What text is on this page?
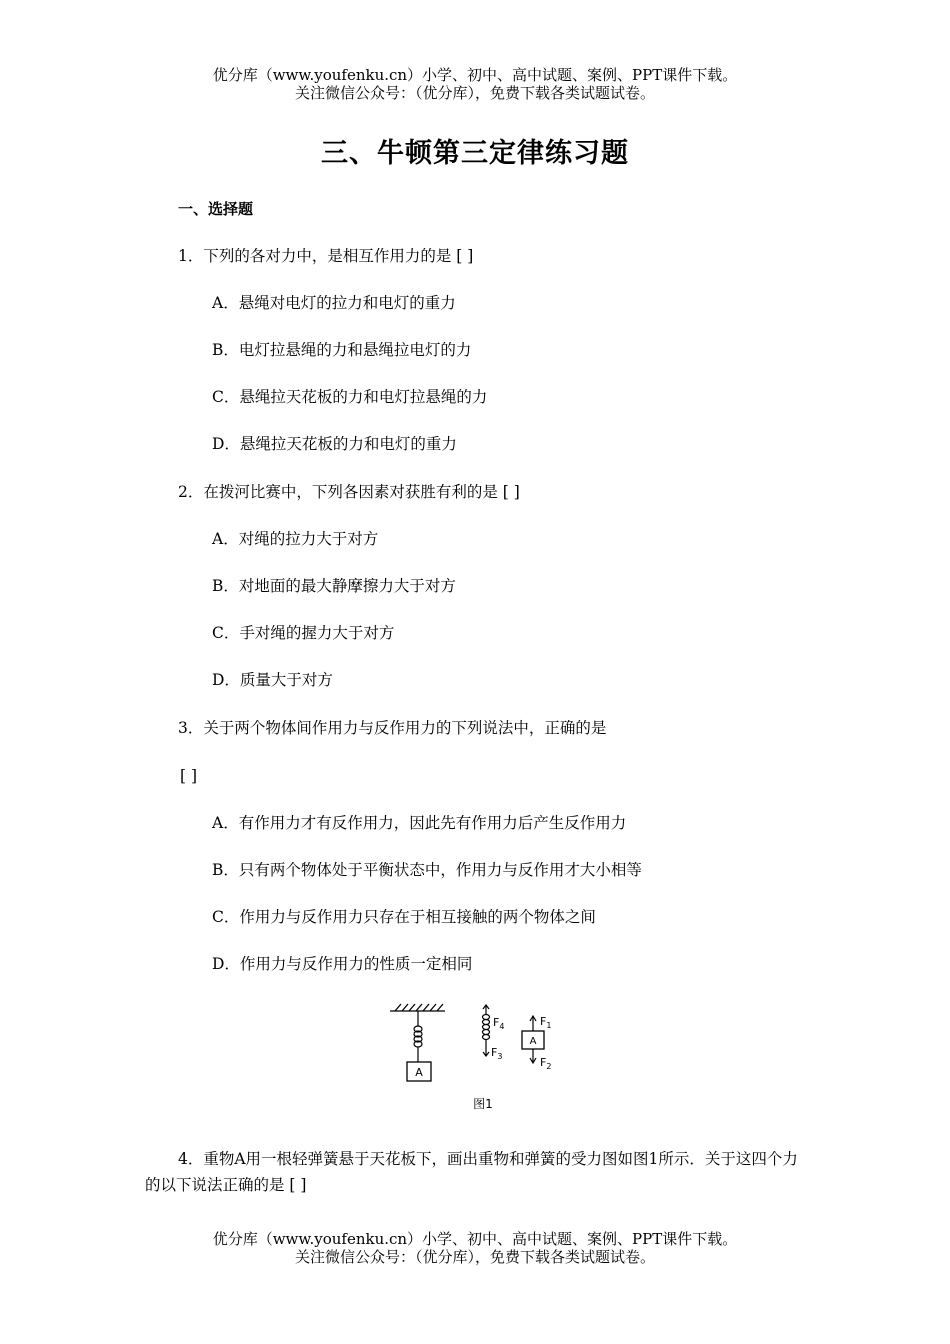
优分库（www.youfenku.cn）小学、初中、高中试题、案例、PPT课件下载。
关注微信公众号：（优分库），免费下载各类试题试卷。
三、牛顿第三定律练习题
一、选择题
1．下列的各对力中，是相互作用力的是 [ ]
A．悬绳对电灯的拉力和电灯的重力
B．电灯拉悬绳的力和悬绳拉电灯的力
C．悬绳拉天花板的力和电灯拉悬绳的力
D．悬绳拉天花板的力和电灯的重力
2．在拨河比赛中，下列各因素对获胜有利的是 [ ]
A．对绳的拉力大于对方
B．对地面的最大静摩擦力大于对方
C．手对绳的握力大于对方
D．质量大于对方
3．关于两个物体间作用力与反作用力的下列说法中，正确的是
[ ]
A．有作用力才有反作用力，因此先有作用力后产生反作用力
B．只有两个物体处于平衡状态中，作用力与反作用才大小相等
C．作用力与反作用力只存在于相互接触的两个物体之间
D．作用力与反作用力的性质一定相同
A
$F_4$
$F_3$
A
$F_1$
$F_2$
图1
4．重物A用一根轻弹簧悬于天花板下，画出重物和弹簧的受力图如图1所示．关于这四个力的以下说法正确的是 [ ]
优分库（www.youfenku.cn）小学、初中、高中试题、案例、PPT课件下载。
关注微信公众号：（优分库），免费下载各类试题试卷。
